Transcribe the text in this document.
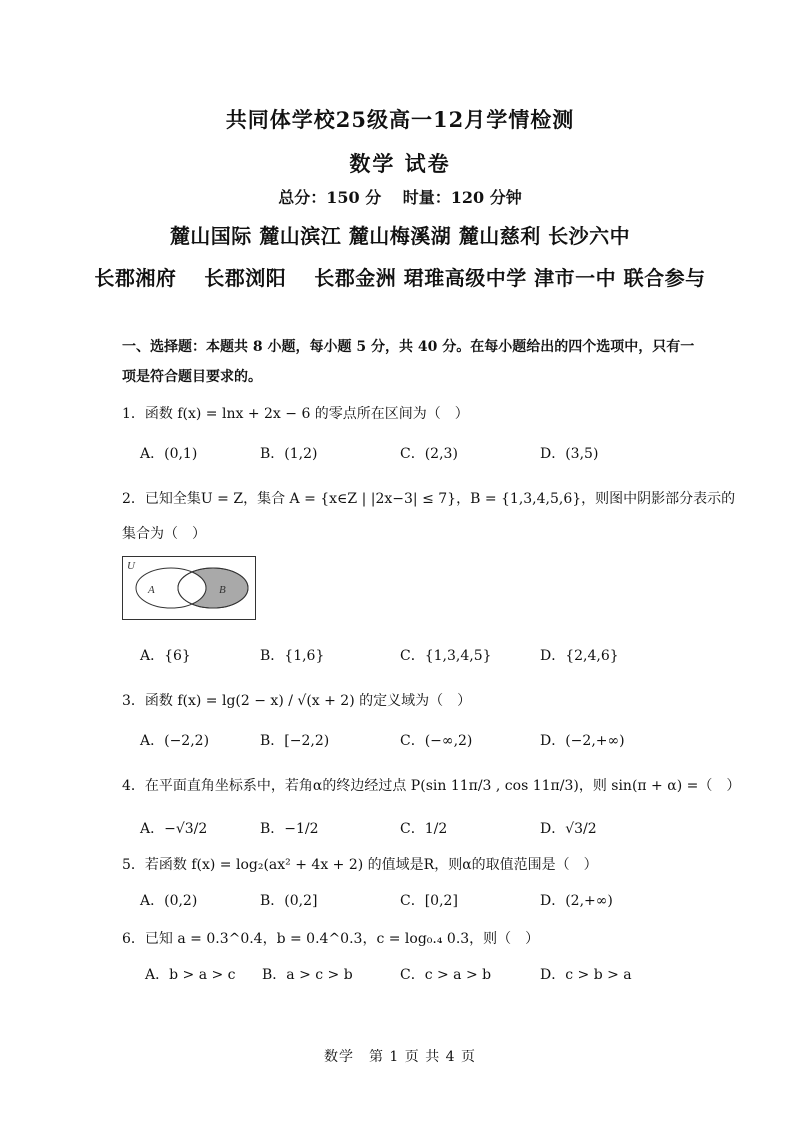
共同体学校25级高一12月学情检测
数学 试卷
总分：150 分　 时量：120 分钟
麓山国际 麓山滨江 麓山梅溪湖 麓山慈利 长沙六中
长郡湘府　 长郡浏阳　 长郡金洲 珺琟高级中学 津市一中 联合参与
一、选择题：本题共 8 小题，每小题 5 分，共 40 分。在每小题给出的四个选项中，只有一
项是符合题目要求的。
1．函数 f(x) = lnx + 2x − 6 的零点所在区间为（　）
A．(0,1)	B．(1,2)	C．(2,3)	D．(3,5)
2．已知全集U = Z，集合 A = {x∈Z | |2x−3| ≤ 7}，B = {1,3,4,5,6}，则图中阴影部分表示的
集合为（　）
U
A	B
A．{6}	B．{1,6}	C．{1,3,4,5}	D．{2,4,6}
3．函数 f(x) = lg(2 − x) / √(x + 2) 的定义域为（　）
A．(−2,2)	B．[−2,2)	C．(−∞,2)	D．(−2,+∞)
4．在平面直角坐标系中，若角α的终边经过点 P(sin 11π/3 , cos 11π/3)，则 sin(π + α) =（　）
A．−√3/2	B．−1/2	C．1/2	D．√3/2
5．若函数 f(x) = log₂(ax² + 4x + 2) 的值域是R，则α的取值范围是（　）
A．(0,2)	B．(0,2]	C．[0,2]	D．(2,+∞)
6．已知 a = 0.3^0.4，b = 0.4^0.3，c = log₀.₄ 0.3，则（　）
A．b > a > c B．a > c > b	C．c > a > b	D．c > b > a
数学　第 1 页 共 4 页
